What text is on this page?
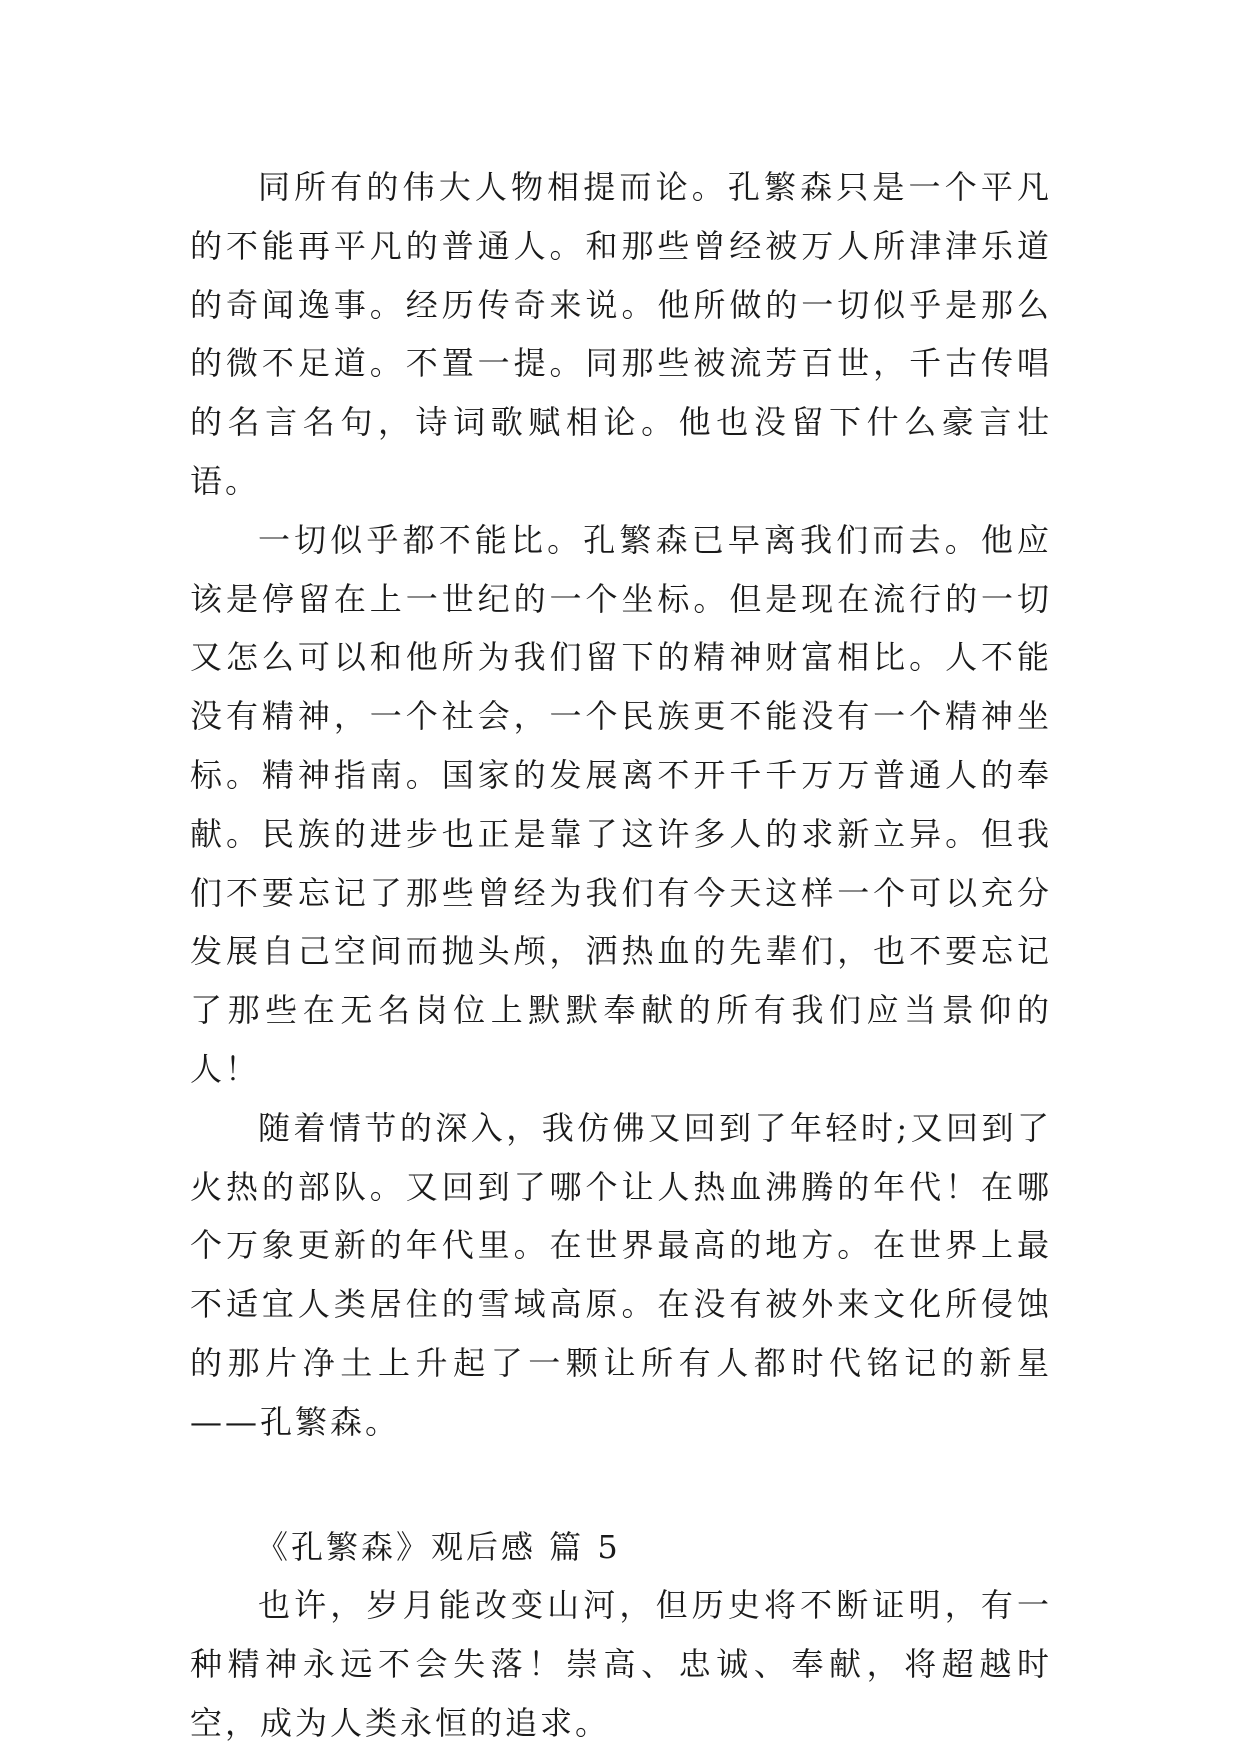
同所有的伟大人物相提而论。孔繁森只是一个平凡的不能再平凡的普通人。和那些曾经被万人所津津乐道的奇闻逸事。经历传奇来说。他所做的一切似乎是那么的微不足道。不置一提。同那些被流芳百世，千古传唱的名言名句，诗词歌赋相论。他也没留下什么豪言壮语。

一切似乎都不能比。孔繁森已早离我们而去。他应该是停留在上一世纪的一个坐标。但是现在流行的一切又怎么可以和他所为我们留下的精神财富相比。人不能没有精神，一个社会，一个民族更不能没有一个精神坐标。精神指南。国家的发展离不开千千万万普通人的奉献。民族的进步也正是靠了这许多人的求新立异。但我们不要忘记了那些曾经为我们有今天这样一个可以充分发展自己空间而抛头颅，洒热血的先辈们，也不要忘记了那些在无名岗位上默默奉献的所有我们应当景仰的人！

随着情节的深入，我仿佛又回到了年轻时;又回到了火热的部队。又回到了哪个让人热血沸腾的年代！在哪个万象更新的年代里。在世界最高的地方。在世界上最不适宜人类居住的雪域高原。在没有被外来文化所侵蚀的那片净土上升起了一颗让所有人都时代铭记的新星——孔繁森。

《孔繁森》观后感 篇 5

也许，岁月能改变山河，但历史将不断证明，有一种精神永远不会失落！崇高、忠诚、奉献，将超越时空，成为人类永恒的追求。
